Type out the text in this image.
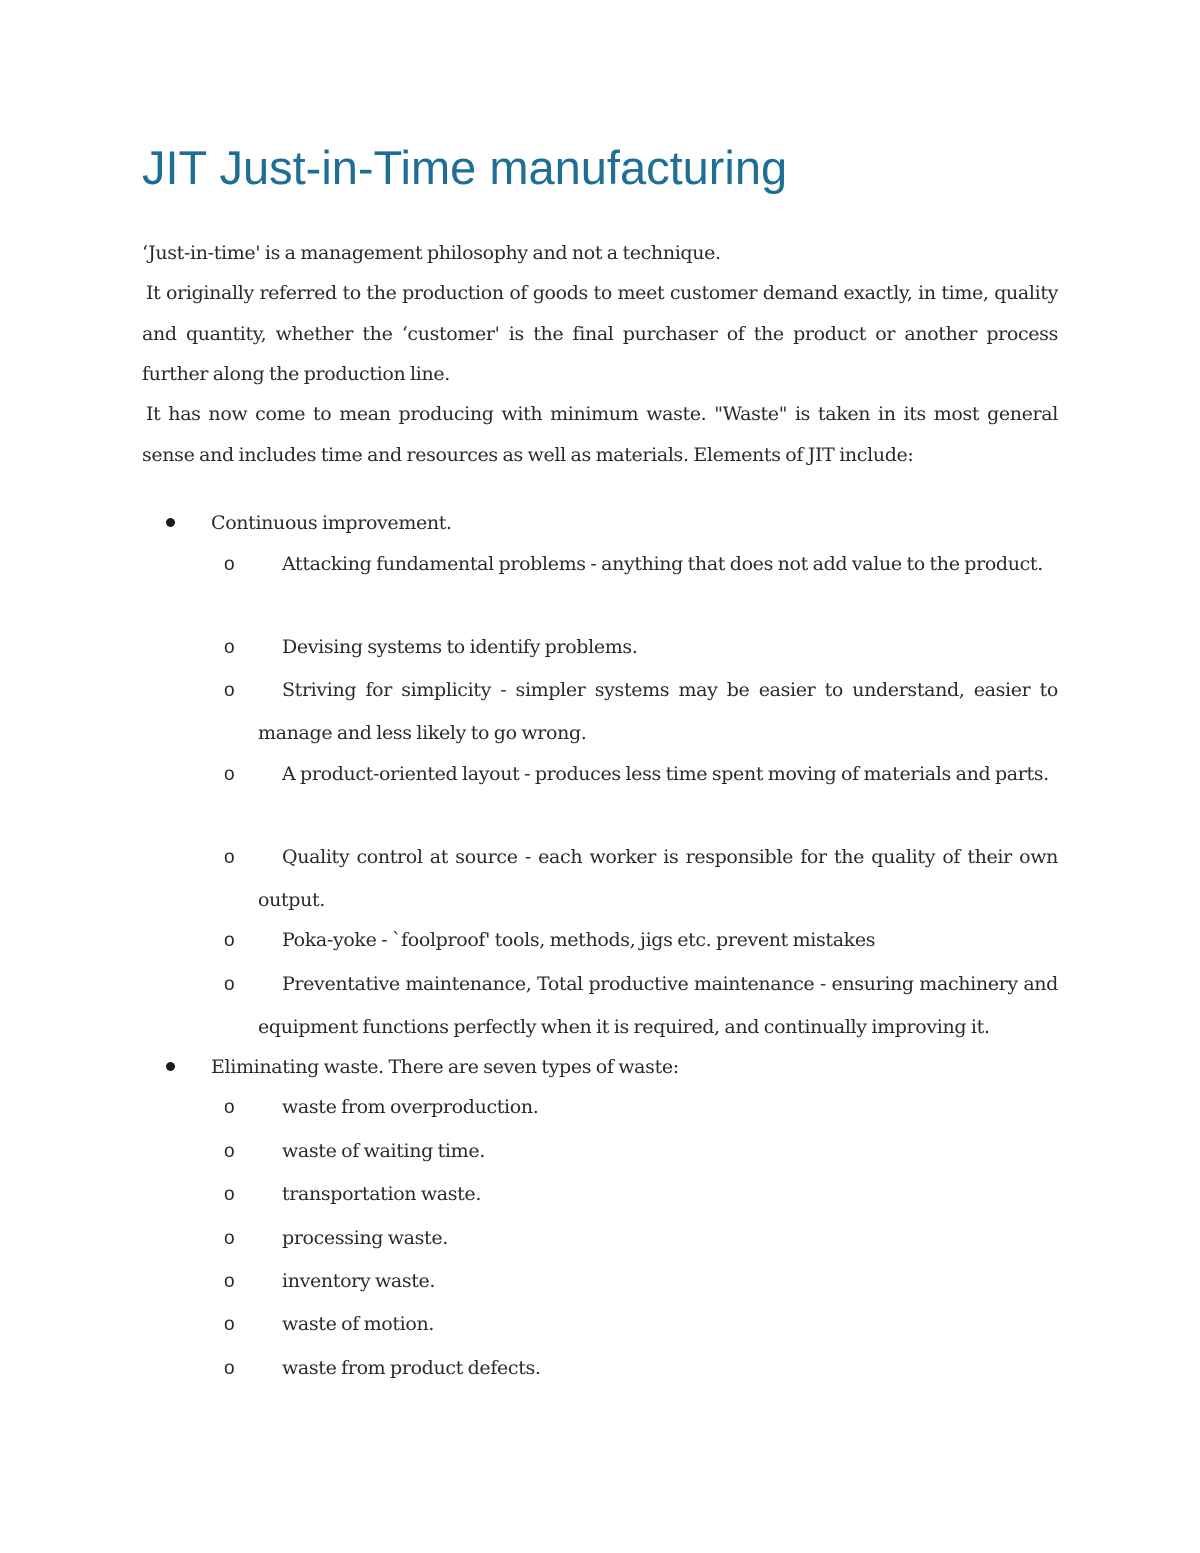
JIT Just-in-Time manufacturing

‘Just-in-time' is a management philosophy and not a technique.

It originally referred to the production of goods to meet customer demand exactly, in time, quality and quantity, whether the ‘customer' is the final purchaser of the product or another process further along the production line.

It has now come to mean producing with minimum waste. "Waste" is taken in its most general sense and includes time and resources as well as materials. Elements of JIT include:

Continuous improvement.
o	Attacking fundamental problems - anything that does not add value to the product.
o	Devising systems to identify problems.
o	Striving for simplicity - simpler systems may be easier to understand, easier to manage and less likely to go wrong.
o	A product-oriented layout - produces less time spent moving of materials and parts.
o	Quality control at source - each worker is responsible for the quality of their own output.
o	Poka-yoke - `foolproof' tools, methods, jigs etc. prevent mistakes
o	Preventative maintenance, Total productive maintenance - ensuring machinery and equipment functions perfectly when it is required, and continually improving it.
Eliminating waste. There are seven types of waste:
o	waste from overproduction.
o	waste of waiting time.
o	transportation waste.
o	processing waste.
o	inventory waste.
o	waste of motion.
o	waste from product defects.
